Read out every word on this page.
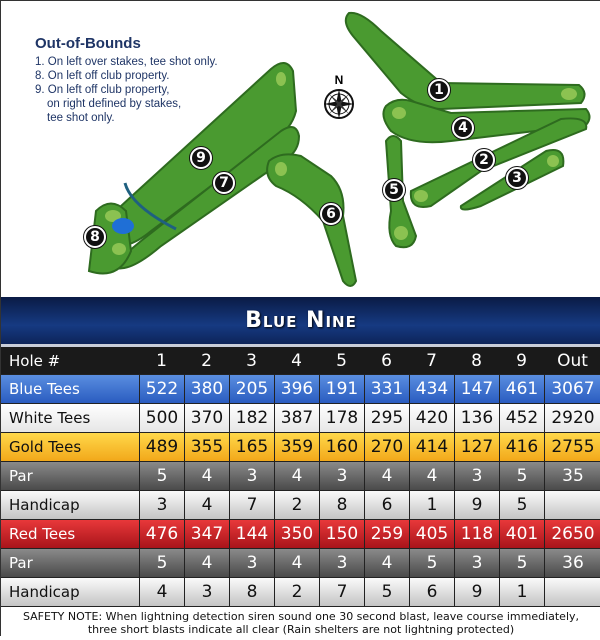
Out-of-Bounds
1. On left over stakes, tee shot only.
8. On left off club property.
9. On left off club property,
on right defined by stakes,
tee shot only.
N
1
2
3
4
5
6
7
8
9
Blue Nine
Hole #	1	2	3	4	5	6	7	8	9	Out
Blue Tees	522 380 205 396 191 331 434 147 461 3067
White Tees	500 370 182 387 178 295 420 136 452 2920
Gold Tees	489 355 165 359 160 270 414 127 416 2755
Par	5	4	3	4	3	4	4	3	5	35
Handicap	3	4	7	2	8	6	1	9	5
Red Tees	476 347 144 350 150 259 405 118 401 2650
Par	5	4	3	4	3	4	5	3	5	36
Handicap	4	3	8	2	7	5	6	9	1
SAFETY NOTE: When lightning detection siren sound one 30 second blast, leave course immediately, three short blasts indicate all clear (Rain shelters are not lightning protected)
